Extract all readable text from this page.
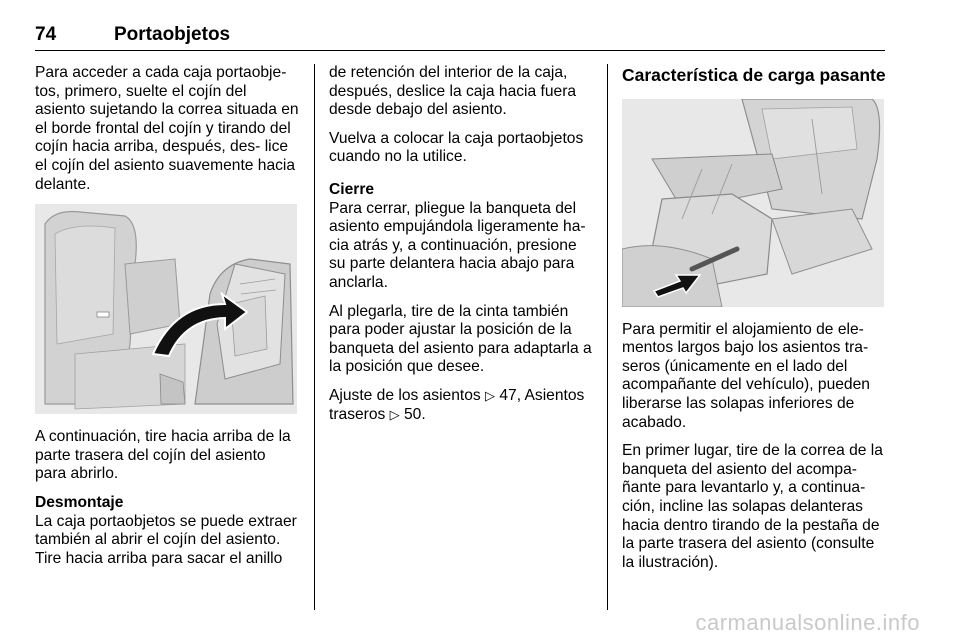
74	Portaobjetos

Para acceder a cada caja portaobje- tos, primero, suelte el cojín del asiento sujetando la correa situada en el borde frontal del cojín y tirando del cojín hacia arriba, después, des- lice el cojín del asiento suavemente hacia delante.

A continuación, tire hacia arriba de la parte trasera del cojín del asiento para abrirlo.

Desmontaje
La caja portaobjetos se puede extraer también al abrir el cojín del asiento. Tire hacia arriba para sacar el anillo

de retención del interior de la caja, después, deslice la caja hacia fuera desde debajo del asiento.

Vuelva a colocar la caja portaobjetos cuando no la utilice.

Cierre
Para cerrar, pliegue la banqueta del asiento empujándola ligeramente ha- cia atrás y, a continuación, presione su parte delantera hacia abajo para anclarla.

Al plegarla, tire de la cinta también para poder ajustar la posición de la banqueta del asiento para adaptarla a la posición que desee.

Ajuste de los asientos ▷ 47, Asientos traseros ▷ 50.

Característica de carga pasante

Para permitir el alojamiento de ele- mentos largos bajo los asientos tra- seros (únicamente en el lado del acompañante del vehículo), pueden liberarse las solapas inferiores de acabado.

En primer lugar, tire de la correa de la banqueta del asiento del acompa- ñante para levantarlo y, a continua- ción, incline las solapas delanteras hacia dentro tirando de la pestaña de la parte trasera del asiento (consulte la ilustración).

carmanualsonline.info
